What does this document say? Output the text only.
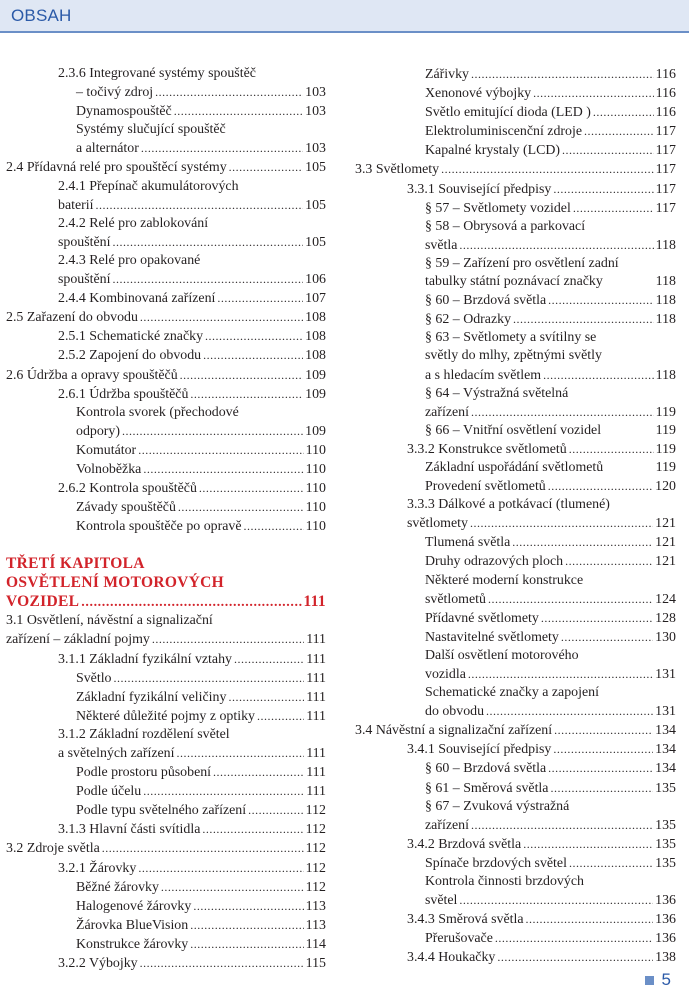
OBSAH
2.3.6 Integrované systémy spouštěč
– točivý zdroj .....	103
Dynamospouštěč .....	103
Systémy slučující spouštěč
a alternátor .....	103
2.4 Přídavná relé pro spouštěcí systémy .....	105
2.4.1 Přepínač akumulátorových
baterií .....	105
2.4.2 Relé pro zablokování
spouštění .....	105
2.4.3 Relé pro opakované
spouštění .....	106
2.4.4 Kombinovaná zařízení .....	107
2.5 Zařazení do obvodu .....	108
2.5.1 Schematické značky .....	108
2.5.2 Zapojení do obvodu .....	108
2.6 Údržba a opravy spouštěčů .....	109
2.6.1 Údržba spouštěčů .....	109
Kontrola svorek (přechodové
odpory) .....	109
Komutátor .....	110
Volnoběžka .....	110
2.6.2 Kontrola spouštěčů .....	110
Závady spouštěčů .....	110
Kontrola spouštěče po opravě .....	110
TŘETÍ KAPITOLA
OSVĚTLENÍ MOTOROVÝCH
VOZIDEL .....	111
3.1 Osvětlení, návěstní a signalizační
zařízení – základní pojmy .....	111
3.1.1 Základní fyzikální vztahy .....	111
Světlo .....	111
Základní fyzikální veličiny .....	111
Některé důležité pojmy z optiky .....	111
3.1.2 Základní rozdělení světel
a světelných zařízení .....	111
Podle prostoru působení .....	111
Podle účelu .....	111
Podle typu světelného zařízení .....	112
3.1.3 Hlavní části svítidla .....	112
3.2 Zdroje světla .....	112
3.2.1 Žárovky .....	112
Běžné žárovky .....	112
Halogenové žárovky .....	113
Žárovka BlueVision .....	113
Konstrukce žárovky .....	114
3.2.2 Výbojky .....	115
Zářivky .....	116
Xenonové výbojky .....	116
Světlo emitující dioda (LED ) .....	116
Elektroluminiscenční zdroje .....	117
Kapalné krystaly (LCD) .....	117
3.3 Světlomety .....	117
3.3.1 Související předpisy .....	117
§ 57 – Světlomety vozidel .....	117
§ 58 – Obrysová a parkovací
světla .....	118
§ 59 – Zařízení pro osvětlení zadní
tabulky státní poznávací značky	118
§ 60 – Brzdová světla .....	118
§ 62 – Odrazky .....	118
§ 63 – Světlomety a svítilny se
světly do mlhy, zpětnými světly
a s hledacím světlem .....	118
§ 64 – Výstražná světelná
zařízení .....	119
§ 66 – Vnitřní osvětlení vozidel	119
3.3.2 Konstrukce světlometů .....	119
Základní uspořádání světlometů	119
Provedení světlometů .....	120
3.3.3 Dálkové a potkávací (tlumené)
světlomety .....	121
Tlumená světla .....	121
Druhy odrazových ploch .....	121
Některé moderní konstrukce
světlometů .....	124
Přídavné světlomety .....	128
Nastavitelné světlomety .....	130
Další osvětlení motorového
vozidla .....	131
Schematické značky a zapojení
do obvodu .....	131
3.4 Návěstní a signalizační zařízení .....	134
3.4.1 Související předpisy .....	134
§ 60 – Brzdová světla .....	134
§ 61 – Směrová světla .....	135
§ 67 – Zvuková výstražná
zařízení .....	135
3.4.2 Brzdová světla .....	135
Spínače brzdových světel .....	135
Kontrola činnosti brzdových
světel .....	136
3.4.3 Směrová světla .....	136
Přerušovače .....	136
3.4.4 Houkačky .....	138
5
